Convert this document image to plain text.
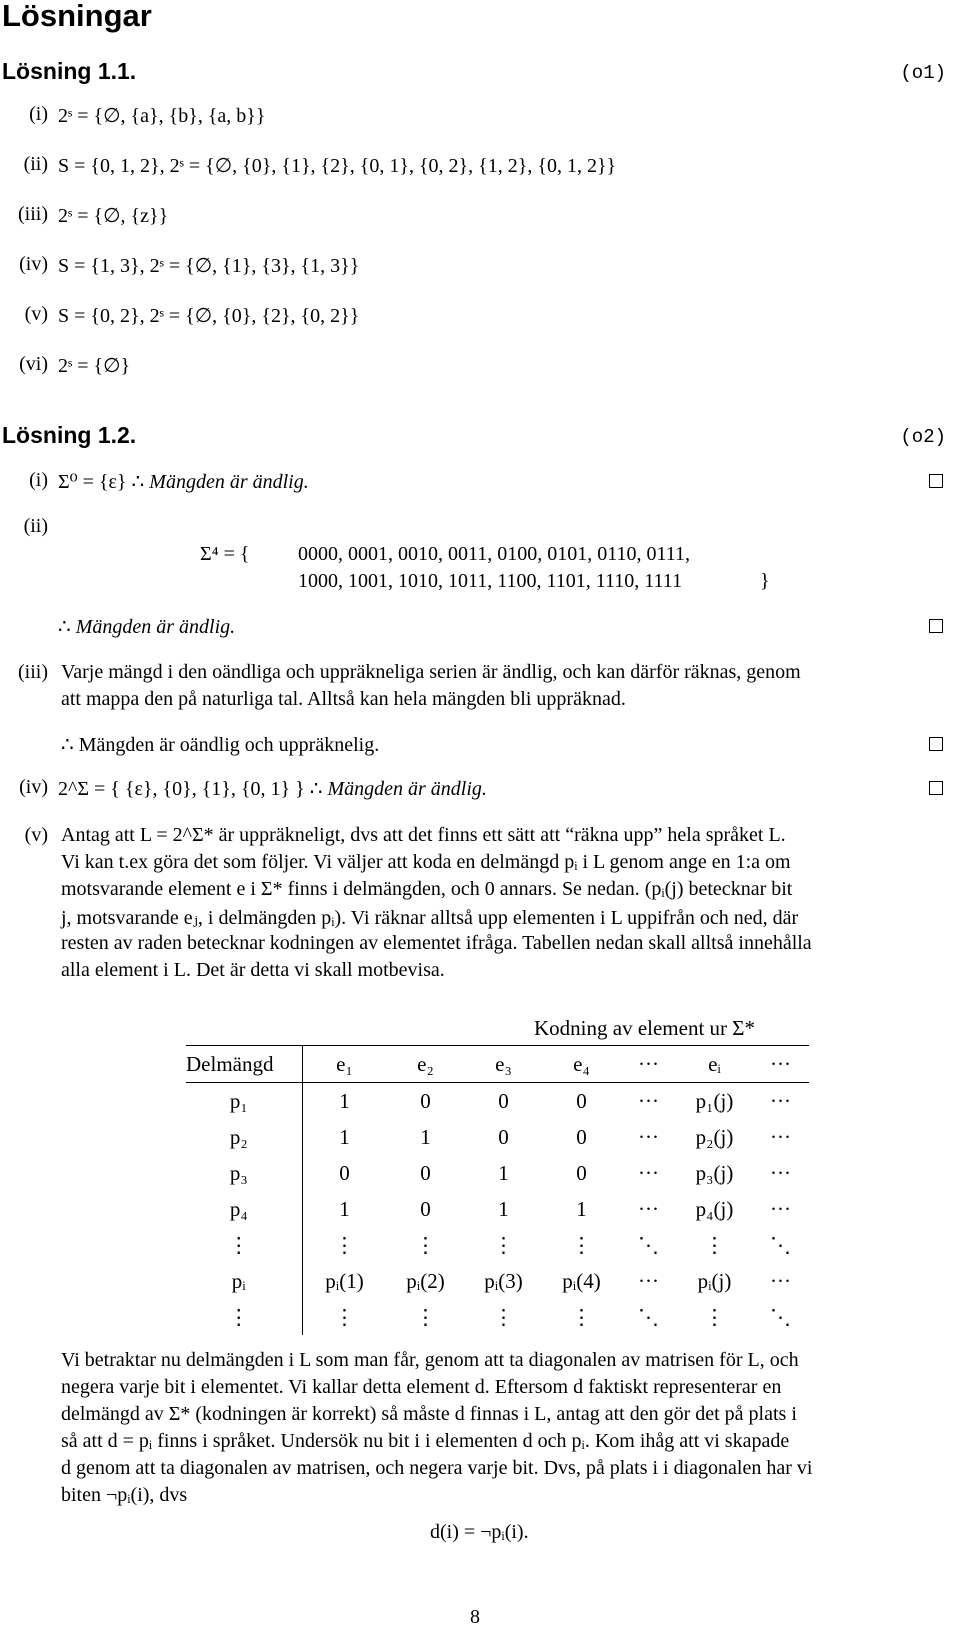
Lösningar
Lösning 1.1.	(o1)
(i) 2ˢ = {∅, {a}, {b}, {a, b}}
(ii) S = {0, 1, 2}, 2ˢ = {∅, {0}, {1}, {2}, {0, 1}, {0, 2}, {1, 2}, {0, 1, 2}}
(iii) 2ˢ = {∅, {z}}
(iv) S = {1, 3}, 2ˢ = {∅, {1}, {3}, {1, 3}}
(v) S = {0, 2}, 2ˢ = {∅, {0}, {2}, {0, 2}}
(vi) 2ˢ = {∅}
Lösning 1.2.	(o2)
(i) Σ⁰ = {ε} ∴ Mängden är ändlig.
(ii)
Σ⁴ = { 0000, 0001, 0010, 0011, 0100, 0101, 0110, 0111,
1000, 1001, 1010, 1011, 1100, 1101, 1110, 1111	}
∴ Mängden är ändlig.
(iii) Varje mängd i den oändliga och uppräkneliga serien är ändlig, och kan därför räknas, genom
att mappa den på naturliga tal. Alltså kan hela mängden bli uppräknad.
∴ Mängden är oändlig och uppräknelig.
(iv) 2^Σ = { {ε}, {0}, {1}, {0, 1} } ∴ Mängden är ändlig.
(v) Antag att L = 2^Σ* är uppräkneligt, dvs att det finns ett sätt att “räkna upp” hela språket L.
Vi kan t.ex göra det som följer. Vi väljer att koda en delmängd pᵢ i L genom ange en 1:a om
motsvarande element e i Σ* finns i delmängden, och 0 annars. Se nedan. (pᵢ(j) betecknar bit
j, motsvarande eⱼ, i delmängden pᵢ). Vi räknar alltså upp elementen i L uppifrån och ned, där
resten av raden betecknar kodningen av elementet ifråga. Tabellen nedan skall alltså innehålla
alla element i L. Det är detta vi skall motbevisa.
	Kodning av element ur Σ*						
Delmängd	e₁	e₂	e₃	e₄	···	eᵢ	···
p₁	1	0	0	0	···	p₁(j)	···
p₂	1	1	0	0	···	p₂(j)	···
p₃	0	0	1	0	···	p₃(j)	···
p₄	1	0	1	1	···	p₄(j)	···
⋮	⋮	⋮	⋮	⋮	⋱	⋮	⋱
pᵢ	pᵢ(1)	pᵢ(2)	pᵢ(3)	pᵢ(4)	···	pᵢ(j)	···
⋮	⋮	⋮	⋮	⋮	⋱	⋮	⋱
Vi betraktar nu delmängden i L som man får, genom att ta diagonalen av matrisen för L, och
negera varje bit i elementet. Vi kallar detta element d. Eftersom d faktiskt representerar en
delmängd av Σ* (kodningen är korrekt) så måste d finnas i L, antag att den gör det på plats i
så att d = pᵢ finns i språket. Undersök nu bit i i elementen d och pᵢ. Kom ihåg att vi skapade
d genom att ta diagonalen av matrisen, och negera varje bit. Dvs, på plats i i diagonalen har vi
biten ¬pᵢ(i), dvs
d(i) = ¬pᵢ(i).
8
